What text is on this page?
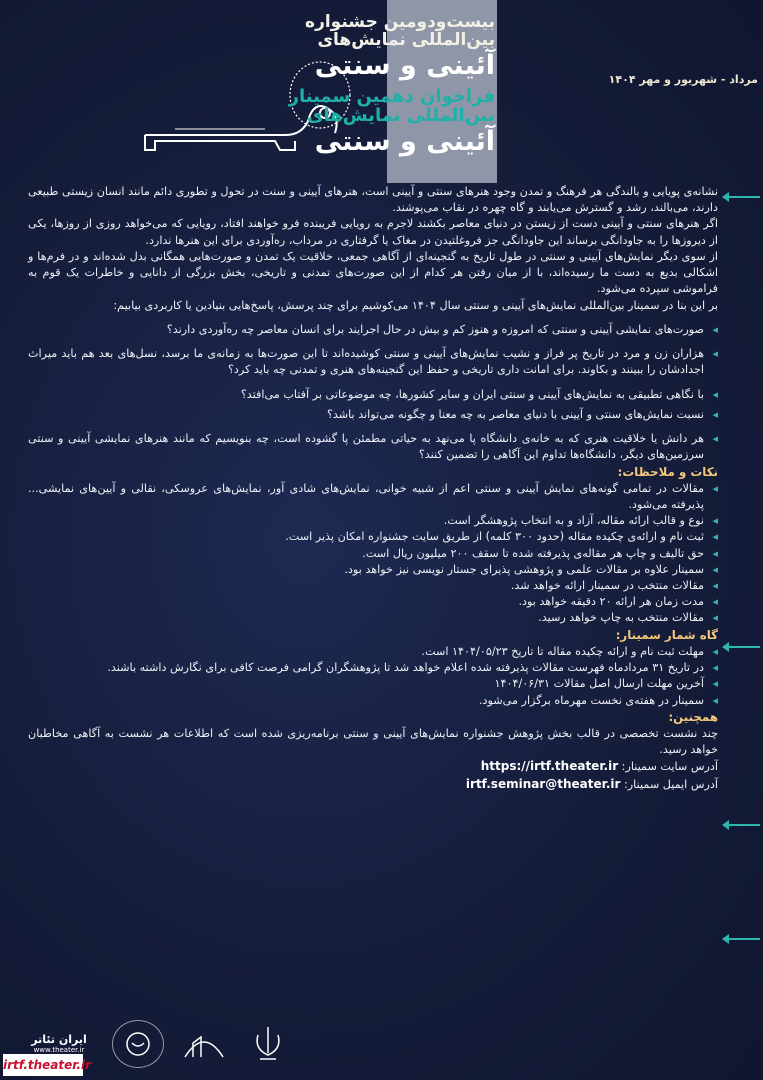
بیست‌ودومین جشنواره
بین‌المللی نمایش‌های
آئینی و سنتی
فراخوان دهمین سمینار
بین‌المللی نمایش‌های
آئینی و سنتی
مرداد - شهریور و مهر ۱۴۰۴

نشانه‌ی پویایی و بالندگی هر فرهنگ و تمدن وجود هنرهای سنتی و آیینی است، هنرهای آیینی و سنت در تحول و تطوری دائم مانند انسان زیستی طبیعی دارند، می‌بالند، رشد و گسترش می‌یابند و گاه چهره در نقاب می‌پوشند.

اگر هنرهای سنتی و آیینی دست از زیستن در دنیای معاصر بکشند لاجرم به رویایی فریبنده فرو خواهند افتاد، رویایی که می‌خواهد روزی از روزها، یکی از دیروزها را به جاودانگی برساند این جاودانگی جز فروغلتیدن در مغاک یا گرفتاری در مرداب، ره‌آوردی برای این هنرها ندارد.

از سوی دیگر نمایش‌های آیینی و سنتی در طول تاریخ به گنجینه‌ای از آگاهی جمعی، خلاقیت یک تمدن و صورت‌هایی همگانی بدل شده‌اند و در فرم‌ها و اشکالی بدیع به دست ما رسیده‌اند، با از میان رفتن هر کدام از این صورت‌های تمدنی و تاریخی، بخش بزرگی از دانایی و خاطرات یک قوم به فراموشی سپرده می‌شود.

بر این بنا در سمینار بین‌المللی نمایش‌های آیینی و سنتی سال ۱۴۰۴ می‌کوشیم برای چند پرسش، پاسخ‌هایی بنیادین یا کاربردی بیابیم:

◂ صورت‌های نمایشی آیینی و سنتی که امروزه و هنوز کم و بیش در حال اجرایند برای انسان معاصر چه ره‌آوردی دارند؟

◂ هزاران زن و مرد در تاریخ پر فراز و نشیب نمایش‌های آیینی و سنتی کوشیده‌اند تا این صورت‌ها به زمانه‌ی ما برسد، نسل‌های بعد هم باید میراث اجدادشان را ببینند و بکاوند. برای امانت داری تاریخی و حفظ این گنجینه‌های هنری و تمدنی چه باید کرد؟

◂ با نگاهی تطبیقی به نمایش‌های آیینی و سنتی ایران و سایر کشورها، چه موضوعاتی بر آفتاب می‌افتد؟

◂ نسبت نمایش‌های سنتی و آیینی با دنیای معاصر به چه معنا و چگونه می‌تواند باشد؟

◂ هر دانش یا خلاقیت هنری که به خانه‌ی دانشگاه پا می‌نهد به حیاتی مطمئن پا گشوده است، چه بنویسیم که مانند هنرهای نمایشی آیینی و سنتی سرزمین‌های دیگر، دانشگاه‌ها تداوم این آگاهی را تضمین کنند؟

نکات و ملاحظات:

◂ مقالات در تمامی گونه‌های نمایش آیینی و سنتی اعم از شبیه خوانی، نمایش‌های شادی آور، نمایش‌های عروسکی، نقالی و آیین‌های نمایشی... پذیرفته می‌شود.

◂ نوع و قالب ارائه مقاله، آزاد و به انتخاب پژوهشگر است.

◂ ثبت نام و ارائه‌ی چکیده مقاله (حدود ۳۰۰ کلمه) از طریق سایت جشنواره امکان پذیر است.

◂ حق تالیف و چاپ هر مقاله‌ی پذیرفته شده تا سقف ۲۰۰ میلیون ریال است.

◂ سمینار علاوه بر مقالات علمی و پژوهشی پذیرای جستار نویسی نیز خواهد بود.

◂ مقالات منتخب در سمینار ارائه خواهد شد.

◂ مدت زمان هر ارائه ۲۰ دقیقه خواهد بود.

◂ مقالات منتخب به چاپ خواهد رسید.

گاه شمار سمینار:

◂ مهلت ثبت نام و ارائه چکیده مقاله تا تاریخ ۱۴۰۴/۰۵/۲۳ است.

◂ در تاریخ ۳۱ مردادماه فهرست مقالات پذیرفته شده اعلام خواهد شد تا پژوهشگران گرامی فرصت کافی برای نگارش داشته باشند.

◂ آخرین مهلت ارسال اصل مقالات ۱۴۰۴/۰۶/۳۱

◂ سمینار در هفته‌ی نخست مهرماه برگزار می‌شود.

همچنین:

چند نشست تخصصی در قالب بخش پژوهش جشنواره نمایش‌های آیینی و سنتی برنامه‌ریزی شده است که اطلاعات هر نشست به آگاهی مخاطبان خواهد رسید.

آدرس سایت سمینار: https://irtf.theater.ir

آدرس ایمیل سمینار: irtf.seminar@theater.ir

ایران تئاتر
www.theater.ir
irtf.theater.ir
